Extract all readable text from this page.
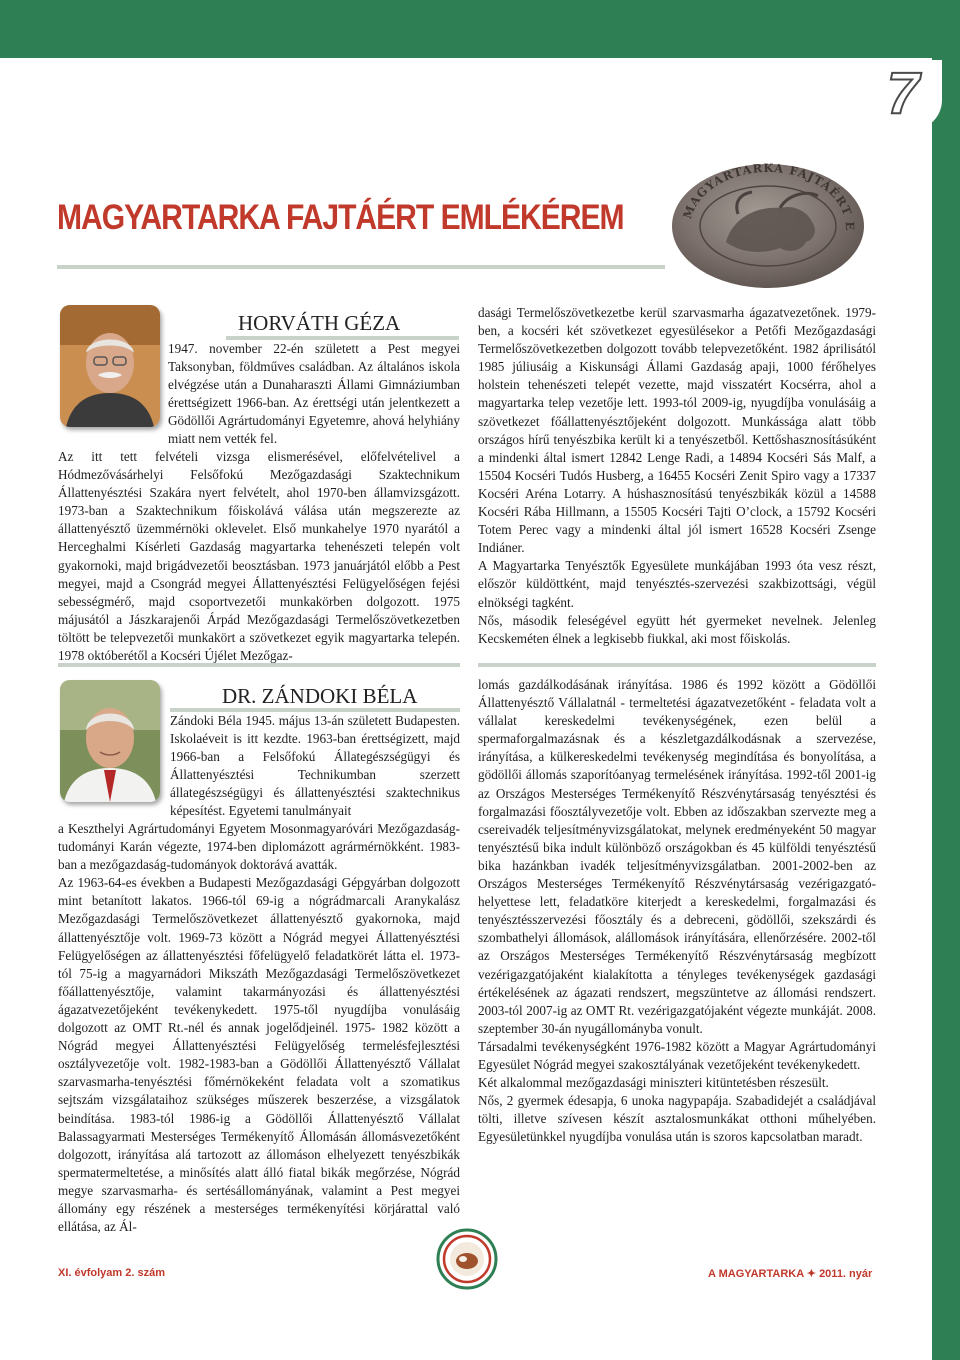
7
MAGYARTARKA FAJTÁÉRT EMLÉKÉREM	MAGYARTARKA FAJTÁÉRT E
HORVÁTH GÉZA
1947. november 22-én született a Pest megyei Taksonyban, földműves családban. Az általános iskola elvégzése után a Dunaharaszti Állami Gimnáziumban érettségizett 1966-ban. Az érettségi után jelentkezett a Gödöllői Agrártudományi Egyetemre, ahová helyhiány miatt nem vették fel.
Az itt tett felvételi vizsga elismerésével, előfelvételivel a Hódmezővásárhelyi Felsőfokú Mezőgazdasági Szaktechnikum Állattenyésztési Szakára nyert felvételt, ahol 1970-ben államvizsgázott. 1973-ban a Szaktechnikum főiskolává válása után megszerezte az állattenyésztő üzemmérnöki oklevelet. Első munkahelye 1970 nyarától a Herceghalmi Kísérleti Gazdaság magyartarka tehenészeti telepén volt gyakornoki, majd brigádvezetői beosztásban. 1973 januárjától előbb a Pest megyei, majd a Csongrád megyei Állattenyésztési Felügyelőségen fejési sebességmérő, majd csoportvezetői munkakörben dolgozott. 1975 májusától a Jászkarajenői Árpád Mezőgazdasági Termelőszövetkezetben töltött be telepvezetői munkakört a szövetkezet egyik magyartarka telepén. 1978 októberétől a Kocséri Újélet Mezőgaz-

dasági Termelőszövetkezetbe kerül szarvasmarha ágazatvezetőnek. 1979-ben, a kocséri két szövetkezet egyesülésekor a Petőfi Mezőgazdasági Termelőszövetkezetben dolgozott tovább telepvezetőként. 1982 áprilisától 1985 júliusáig a Kiskunsági Állami Gazdaság apaji, 1000 férőhelyes holstein tehenészeti telepét vezette, majd visszatért Kocsérra, ahol a magyartarka telep vezetője lett. 1993-tól 2009-ig, nyugdíjba vonulásáig a szövetkezet főállattenyésztőjeként dolgozott. Munkássága alatt több országos hírű tenyészbika került ki a tenyészetből. Kettőshasznosításúként a mindenki által ismert 12842 Lenge Radi, a 14894 Kocséri Sás Malf, a 15504 Kocséri Tudós Husberg, a 16455 Kocséri Zenit Spiro vagy a 17337 Kocséri Aréna Lotarry. A húshasznosítású tenyészbikák közül a 14588 Kocséri Rába Hillmann, a 15505 Kocséri Tajti O’clock, a 15792 Kocséri Totem Perec vagy a mindenki által jól ismert 16528 Kocséri Zsenge Indiáner.

A Magyartarka Tenyésztők Egyesülete munkájában 1993 óta vesz részt, először küldöttként, majd tenyésztés-szervezési szakbizottsági, végül elnökségi tagként.

Nős, második feleségével együtt hét gyermeket nevelnek. Jelenleg Kecskeméten élnek a legkisebb fiukkal, aki most főiskolás.

DR. ZÁNDOKI BÉLA
Zándoki Béla 1945. május 13-án született Budapesten. Iskolaéveit is itt kezdte. 1963-ban érettségizett, majd 1966-ban a Felsőfokú Állategészségügyi és Állattenyésztési Technikumban szerzett állategészségügyi és állattenyésztési szaktechnikus képesítést. Egyetemi tanulmányait

a Keszthelyi Agrártudományi Egyetem Mosonmagyaróvári Mezőgazdaság-tudományi Karán végezte, 1974-ben diplomázott agrármérnökként. 1983-ban a mezőgazdaság-tudományok doktorává avatták.

Az 1963-64-es években a Budapesti Mezőgazdasági Gépgyárban dolgozott mint betanított lakatos. 1966-tól 69-ig a nógrádmarcali Aranykalász Mezőgazdasági Termelőszövetkezet állattenyésztő gyakornoka, majd állattenyésztője volt. 1969-73 között a Nógrád megyei Állattenyésztési Felügyelőségen az állattenyésztési főfelügyelő feladatkörét látta el. 1973-tól 75-ig a magyarnádori Mikszáth Mezőgazdasági Termelőszövetkezet főállattenyésztője, valamint takarmányozási és állattenyésztési ágazatvezetőjeként tevékenykedett. 1975-től nyugdíjba vonulásáig dolgozott az OMT Rt.-nél és annak jogelődjeinél. 1975- 1982 között a Nógrád megyei Állattenyésztési Felügyelőség termelésfejlesztési osztályvezetője volt. 1982-1983-ban a Gödöllői Állattenyésztő Vállalat szarvasmarha-tenyésztési főmérnökeként feladata volt a szomatikus sejtszám vizsgálataihoz szükséges műszerek beszerzése, a vizsgálatok beindítása. 1983-tól 1986-ig a Gödöllői Állattenyésztő Vállalat Balassagyarmati Mesterséges Termékenyítő Állomásán állomásvezetőként dolgozott, irányítása alá tartozott az állomáson elhelyezett tenyészbikák spermatermeltetése, a minősítés alatt álló fiatal bikák megőrzése, Nógrád megye szarvasmarha- és sertésállományának, valamint a Pest megyei állomány egy részének a mesterséges termékenyítési körjárattal való ellátása, az Ál-

lomás gazdálkodásának irányítása. 1986 és 1992 között a Gödöllői Állattenyésztő Vállalatnál - termeltetési ágazatvezetőként - feladata volt a vállalat kereskedelmi tevékenységének, ezen belül a spermaforgalmazásnak és a készletgazdálkodásnak a szervezése, irányítása, a külkereskedelmi tevékenység megindítása és bonyolítása, a gödöllői állomás szaporítóanyag termelésének irányítása. 1992-től 2001-ig az Országos Mesterséges Termékenyítő Részvénytársaság tenyésztési és forgalmazási főosztályvezetője volt. Ebben az időszakban szervezte meg a csereivadék teljesítményvizsgálatokat, melynek eredményeként 50 magyar tenyésztésű bika indult különböző országokban és 45 külföldi tenyésztésű bika hazánkban ivadék teljesítményvizsgálatban. 2001-2002-ben az Országos Mesterséges Termékenyítő Részvénytársaság vezérigazgató-helyettese lett, feladatköre kiterjedt a kereskedelmi, forgalmazási és tenyésztésszervezési főosztály és a debreceni, gödöllői, szekszárdi és szombathelyi állomások, alállomások irányítására, ellenőrzésére. 2002-től az Országos Mesterséges Termékenyítő Részvénytársaság megbízott vezérigazgatójaként kialakította a tényleges tevékenységek gazdasági értékelésének az ágazati rendszert, megszüntetve az állomási rendszert. 2003-tól 2007-ig az OMT Rt. vezérigazgatójaként végezte munkáját. 2008. szeptember 30-án nyugállományba vonult.

Társadalmi tevékenységként 1976-1982 között a Magyar Agrártudományi Egyesület Nógrád megyei szakosztályának vezetőjeként tevékenykedett.

Két alkalommal mezőgazdasági miniszteri kitüntetésben részesült.

Nős, 2 gyermek édesapja, 6 unoka nagypapája. Szabadidejét a családjával tölti, illetve szívesen készít asztalosmunkákat otthoni műhelyében. Egyesületünkkel nyugdíjba vonulása után is szoros kapcsolatban maradt.

XI. évfolyam 2. szám	A MAGYARTARKA ✦ 2011. nyár
